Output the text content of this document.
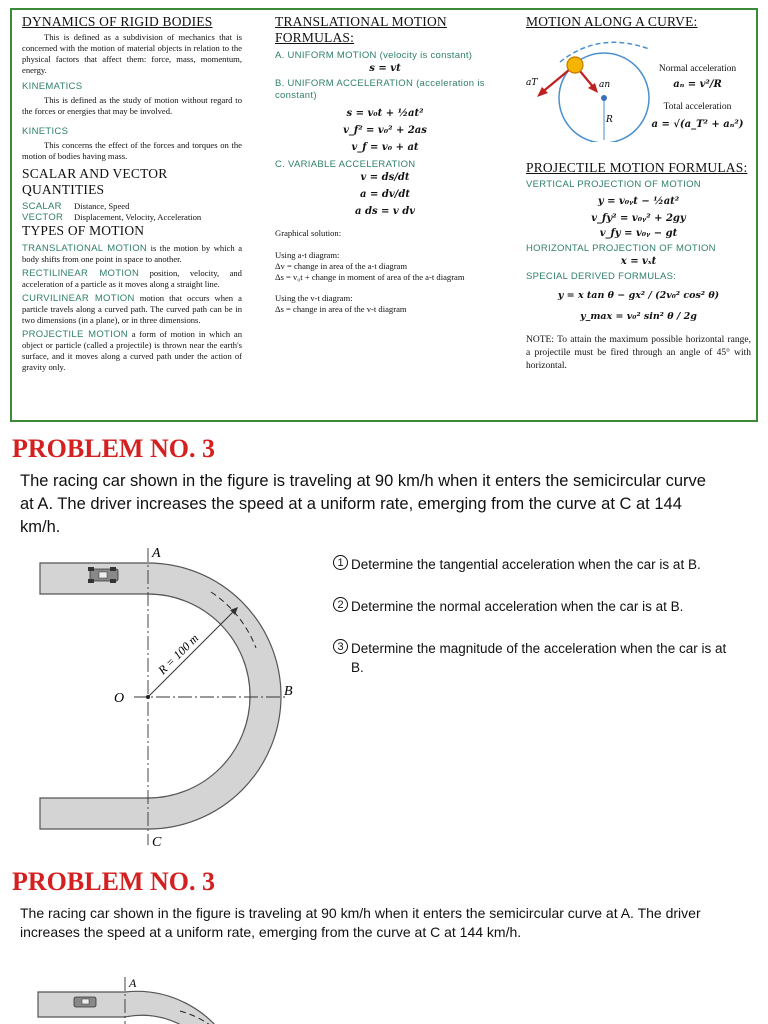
DYNAMICS OF RIGID BODIES
This is defined as a subdivision of mechanics that is concerned with the motion of material objects in relation to the physical factors that affect them: force, mass, momentum, energy.
KINEMATICS
This is defined as the study of motion without regard to the forces or energies that may be involved.
KINETICS
This concerns the effect of the forces and torques on the motion of bodies having mass.
SCALAR AND VECTOR QUANTITIES
SCALAR	Distance, Speed
VECTOR	Displacement, Velocity, Acceleration
TYPES OF MOTION
TRANSLATIONAL MOTION is the motion by which a body shifts from one point in space to another.
RECTILINEAR MOTION position, velocity, and acceleration of a particle as it moves along a straight line.
CURVILINEAR MOTION motion that occurs when a particle travels along a curved path. The curved path can be in two dimensions (in a plane), or in three dimensions.
PROJECTILE MOTION a form of motion in which an object or particle (called a projectile) is thrown near the earth's surface, and it moves along a curved path under the action of gravity only.
TRANSLATIONAL MOTION
FORMULAS:
A. UNIFORM MOTION (velocity is constant)
s = vt
B. UNIFORM ACCELERATION (acceleration is constant)
s = v₀t + ½at²
v_f² = v₀² + 2as
v_f = v₀ + at
C. VARIABLE ACCELERATION
v = ds/dt
a = dv/dt
a ds = v dv
Graphical solution:
Using a-t diagram:
Δv = change in area of the a-t diagram
Δs = v₀t + change in moment of area of the a-t diagram
Using the v-t diagram:
Δs = change in area of the v-t diagram
MOTION ALONG A CURVE:
aT	an
R
Normal acceleration
aₙ = v²/R
Total acceleration
a = √(a_T² + aₙ²)
PROJECTILE MOTION FORMULAS:
VERTICAL PROJECTION OF MOTION
y = v₀ᵧt − ½at²
v_fy² = v₀ᵧ² + 2gy
v_fy = v₀ᵧ − gt
HORIZONTAL PROJECTION OF MOTION
x = vₓt
SPECIAL DERIVED FORMULAS:
y = x tan θ − gx² / (2v₀² cos² θ)
y_max = v₀² sin² θ / 2g
NOTE: To attain the maximum possible horizontal range, a projectile must be fired through an angle of 45° with horizontal.
PROBLEM NO. 3
The racing car shown in the figure is traveling at 90 km/h when it enters the semicircular curve at A. The driver increases the speed at a uniform rate, emerging from the curve at C at 144 km/h.
A
B
C
O
R = 100 m
1 Determine the tangential acceleration when the car is at B.
2 Determine the normal acceleration when the car is at B.
3 Determine the magnitude of the acceleration when the car is at B.
PROBLEM NO. 3
The racing car shown in the figure is traveling at 90 km/h when it enters the semicircular curve at A. The driver increases the speed at a uniform rate, emerging from the curve at C at 144 km/h.
A
